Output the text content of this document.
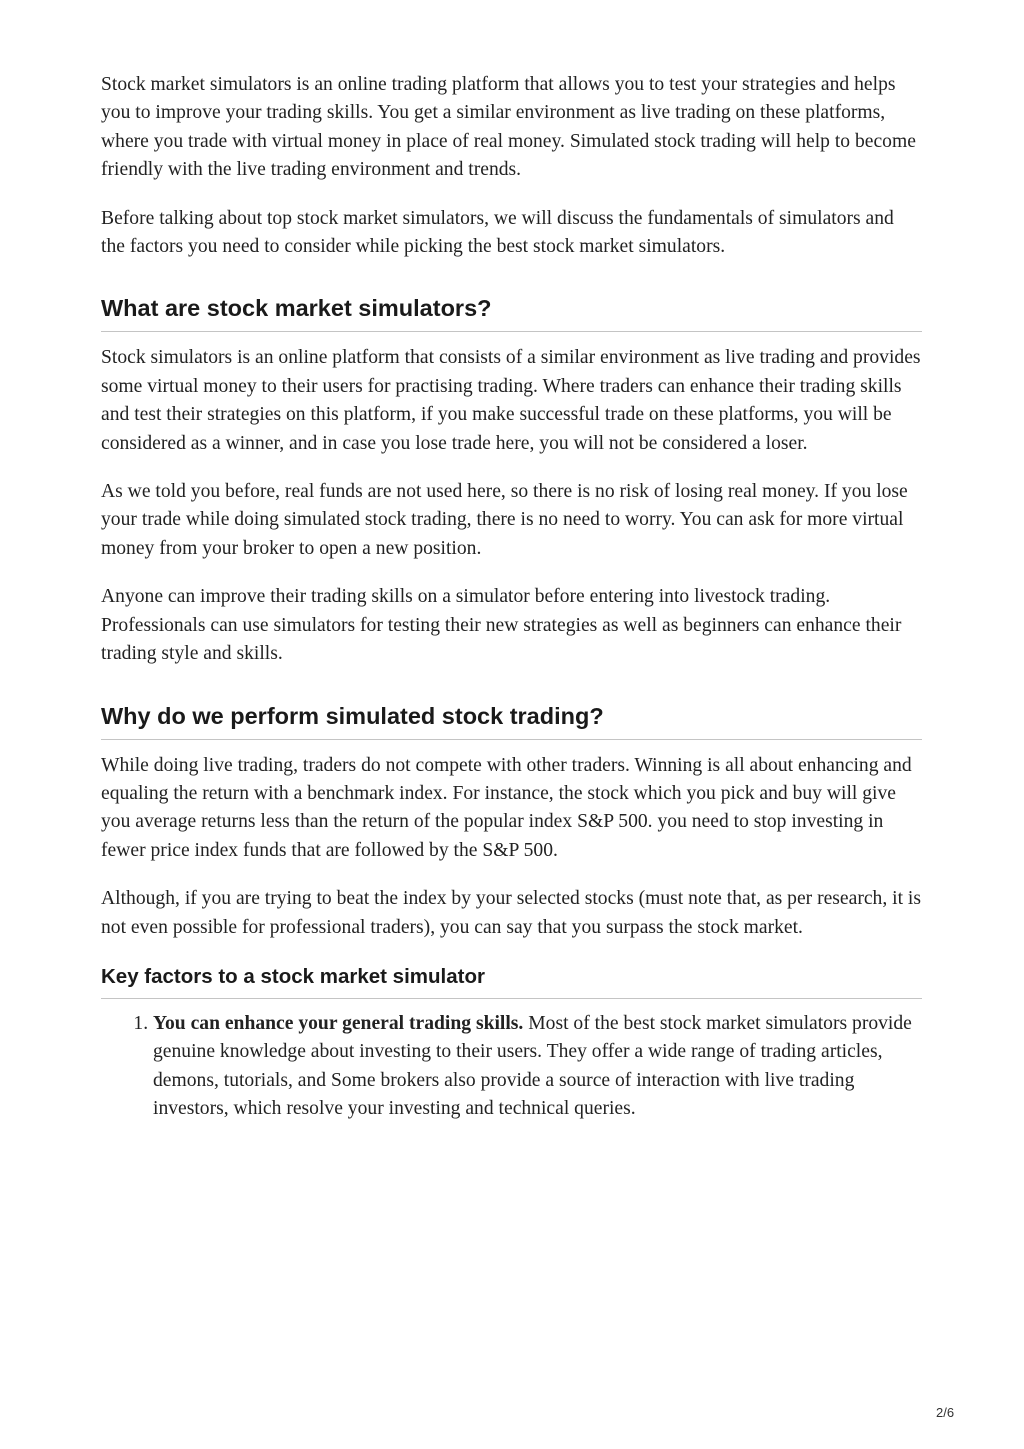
Stock market simulators is an online trading platform that allows you to test your strategies and helps you to improve your trading skills. You get a similar environment as live trading on these platforms, where you trade with virtual money in place of real money. Simulated stock trading will help to become friendly with the live trading environment and trends.

Before talking about top stock market simulators, we will discuss the fundamentals of simulators and the factors you need to consider while picking the best stock market simulators.

What are stock market simulators?

Stock simulators is an online platform that consists of a similar environment as live trading and provides some virtual money to their users for practising trading. Where traders can enhance their trading skills and test their strategies on this platform, if you make successful trade on these platforms, you will be considered as a winner, and in case you lose trade here, you will not be considered a loser.

As we told you before, real funds are not used here, so there is no risk of losing real money. If you lose your trade while doing simulated stock trading, there is no need to worry. You can ask for more virtual money from your broker to open a new position.

Anyone can improve their trading skills on a simulator before entering into livestock trading. Professionals can use simulators for testing their new strategies as well as beginners can enhance their trading style and skills.

Why do we perform simulated stock trading?

While doing live trading, traders do not compete with other traders. Winning is all about enhancing and equaling the return with a benchmark index. For instance, the stock which you pick and buy will give you average returns less than the return of the popular index S&P 500. you need to stop investing in fewer price index funds that are followed by the S&P 500.

Although, if you are trying to beat the index by your selected stocks (must note that, as per research, it is not even possible for professional traders), you can say that you surpass the stock market.

Key factors to a stock market simulator
1. You can enhance your general trading skills. Most of the best stock market simulators provide genuine knowledge about investing to their users. They offer a wide range of trading articles, demons, tutorials, and Some brokers also provide a source of interaction with live trading investors, which resolve your investing and technical queries.
2/6
